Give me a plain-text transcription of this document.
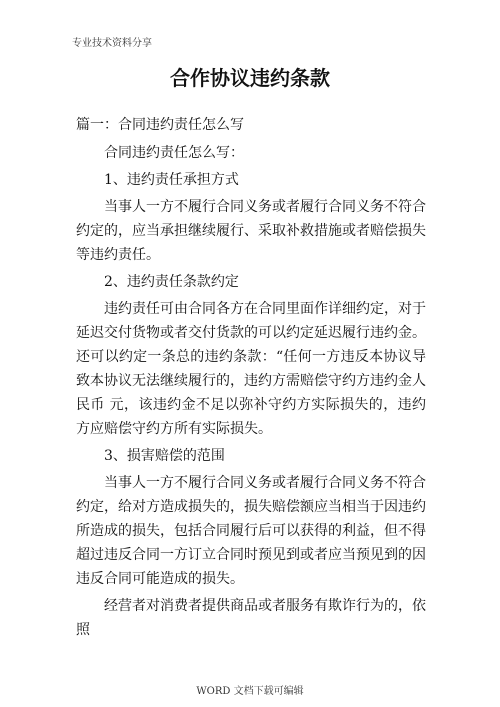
专业技术资料分享
合作协议违约条款

篇一：合同违约责任怎么写

合同违约责任怎么写：

1、违约责任承担方式

当事人一方不履行合同义务或者履行合同义务不符合约定的，应当承担继续履行、采取补救措施或者赔偿损失等违约责任。

2、违约责任条款约定

违约责任可由合同各方在合同里面作详细约定，对于延迟交付货物或者交付货款的可以约定延迟履行违约金。还可以约定一条总的违约条款：“任何一方违反本协议导致本协议无法继续履行的，违约方需赔偿守约方违约金人民币 元，该违约金不足以弥补守约方实际损失的，违约方应赔偿守约方所有实际损失。

3、损害赔偿的范围

当事人一方不履行合同义务或者履行合同义务不符合约定，给对方造成损失的，损失赔偿额应当相当于因违约所造成的损失，包括合同履行后可以获得的利益，但不得超过违反合同一方订立合同时预见到或者应当预见到的因违反合同可能造成的损失。

经营者对消费者提供商品或者服务有欺诈行为的，依照

WORD 文档下载可编辑
